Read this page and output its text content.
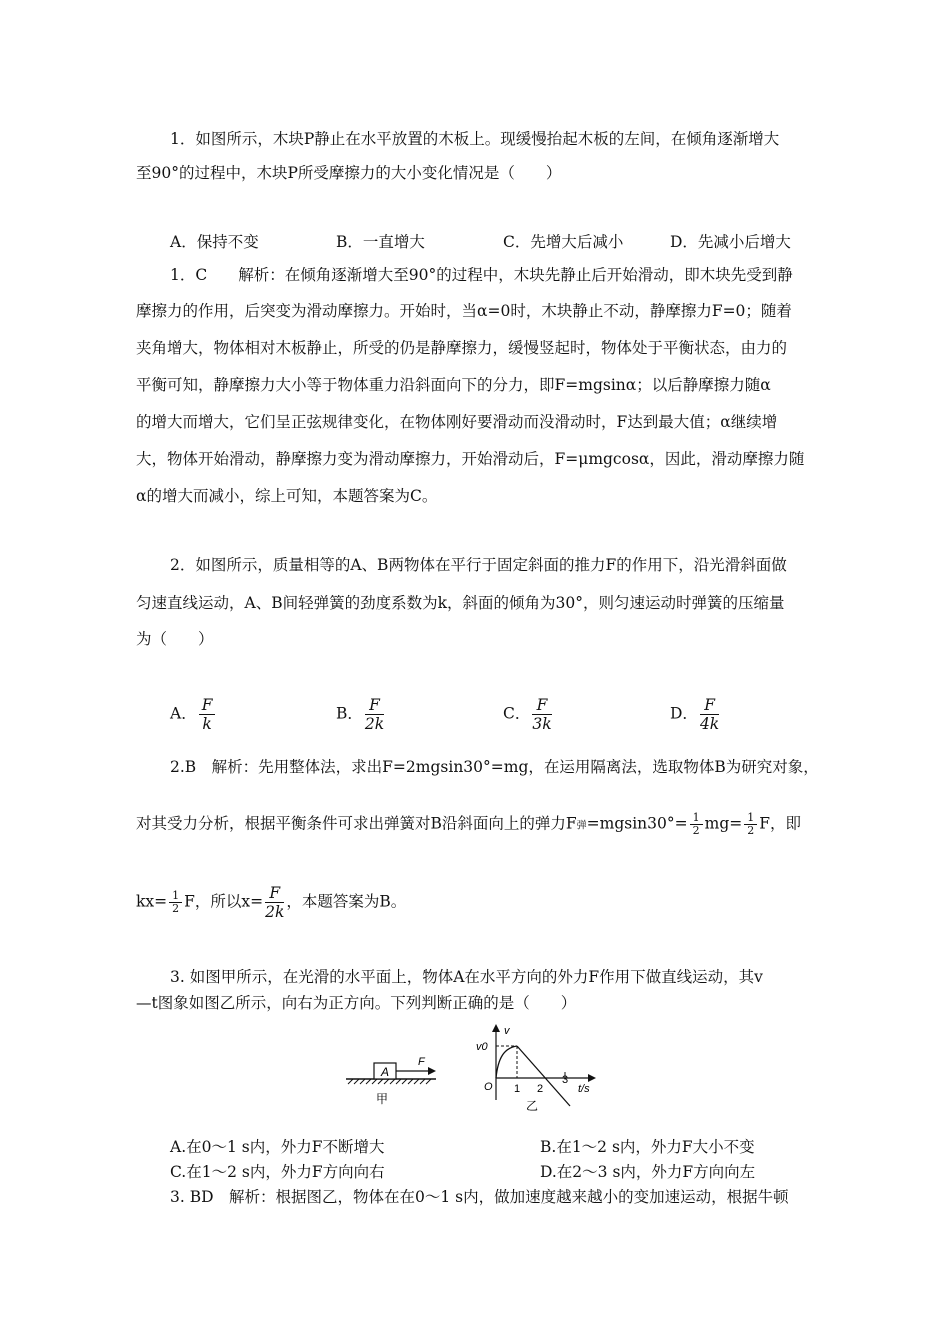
1．如图所示，木块P静止在水平放置的木板上。现缓慢抬起木板的左间，在倾角逐渐增大
至90°的过程中，木块P所受摩擦力的大小变化情况是（　　）
A．保持不变	B．一直增大	C．先增大后减小	D．先减小后增大
1．C　　解析：在倾角逐渐增大至90°的过程中，木块先静止后开始滑动，即木块先受到静
摩擦力的作用，后突变为滑动摩擦力。开始时，当α=0时，木块静止不动，静摩擦力F=0；随着
夹角增大，物体相对木板静止，所受的仍是静摩擦力，缓慢竖起时，物体处于平衡状态，由力的
平衡可知，静摩擦力大小等于物体重力沿斜面向下的分力，即F=mgsinα；以后静摩擦力随α
的增大而增大，它们呈正弦规律变化，在物体刚好要滑动而没滑动时，F达到最大值；α继续增
大，物体开始滑动，静摩擦力变为滑动摩擦力，开始滑动后，F=μmgcosα，因此，滑动摩擦力随
α的增大而减小，综上可知，本题答案为C。
2．如图所示，质量相等的A、B两物体在平行于固定斜面的推力F的作用下，沿光滑斜面做
匀速直线运动，A、B间轻弹簧的劲度系数为k，斜面的倾角为30°，则匀速运动时弹簧的压缩量
为（　　）
A． $\frac{F}{k}$	B． $\frac{F}{2k}$	C． $\frac{F}{3k}$	D． $\frac{F}{4k}$
2.B　解析：先用整体法，求出F=2mgsin30°=mg，在运用隔离法，选取物体B为研究对象，
对其受力分析，根据平衡条件可求出弹簧对B沿斜面向上的弹力F弹$=mgsin30^\circ= \frac{1}{2} mg= \frac{1}{2}$ F，即
$kx= \frac{1}{2}$ F，所以$x= \frac{F}{2k}$ ，本题答案为B。
3. 如图甲所示，在光滑的水平面上，物体A在水平方向的外力F作用下做直线运动，其v
—t图象如图乙所示，向右为正方向。下列判断正确的是（　　）
A
F
甲
v
v0
O 1 2
3
t/s
乙
A.在0～1 s内，外力F不断增大	B.在1～2 s内，外力F大小不变
C.在1～2 s内，外力F方向向右	D.在2～3 s内，外力F方向向左
3. BD　解析：根据图乙，物体在在0～1 s内，做加速度越来越小的变加速运动，根据牛顿
